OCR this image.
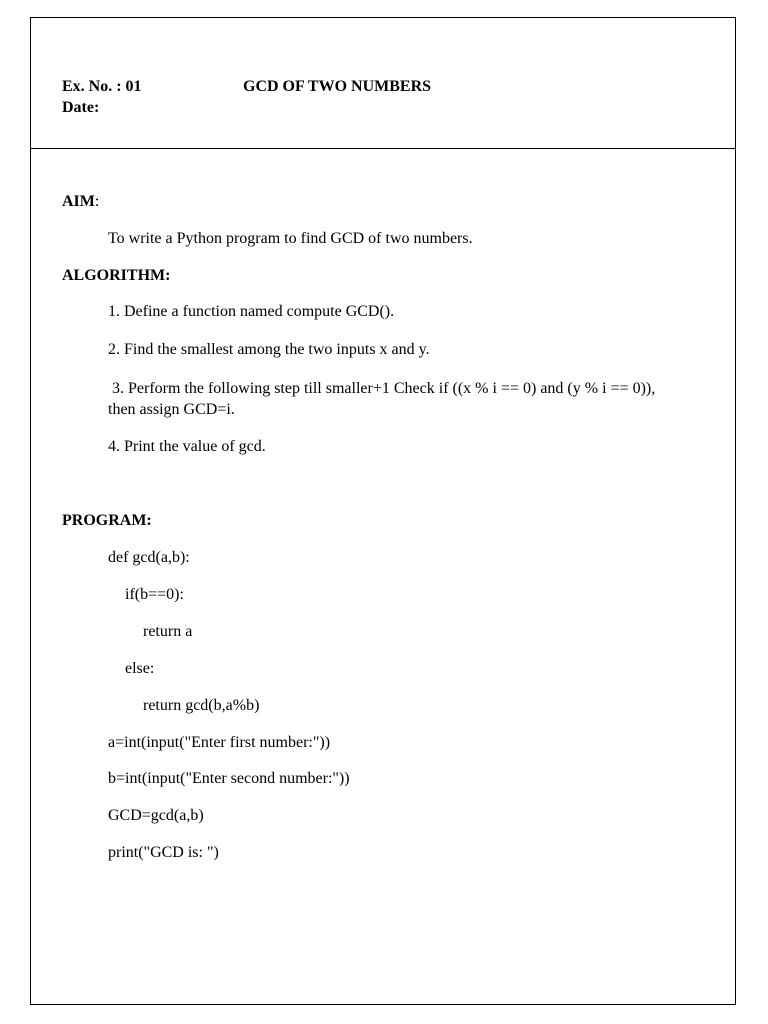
Ex. No. : 01
Date:
GCD OF TWO NUMBERS
AIM:
To write a Python program to find GCD of two numbers.
ALGORITHM:
1. Define a function named compute GCD().
2. Find the smallest among the two inputs x and y.
3. Perform the following step till smaller+1 Check if ((x % i == 0) and (y % i == 0)),
then assign GCD=i.
4. Print the value of gcd.
PROGRAM:
def gcd(a,b):
if(b==0):
return a
else:
return gcd(b,a%b)
a=int(input("Enter first number:"))
b=int(input("Enter second number:"))
GCD=gcd(a,b)
print("GCD is: ")
